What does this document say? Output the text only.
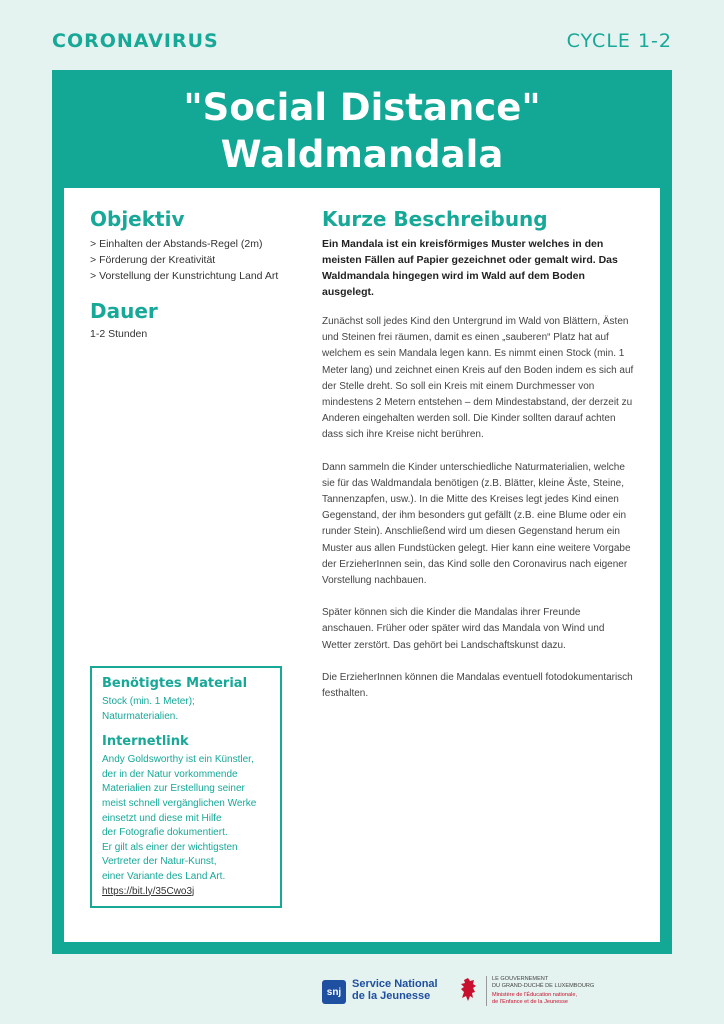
CORONAVIRUS	CYCLE 1-2
"Social Distance"
Waldmandala
Objektiv
> Einhalten der Abstands-Regel (2m)
> Förderung der Kreativität
> Vorstellung der Kunstrichtung Land Art
Dauer
1-2 Stunden
Kurze Beschreibung
Ein Mandala ist ein kreisförmiges Muster welches in den meisten Fällen auf Papier gezeichnet oder gemalt wird. Das Waldmandala hingegen wird im Wald auf dem Boden ausgelegt.
Zunächst soll jedes Kind den Untergrund im Wald von Blättern, Ästen und Steinen frei räumen, damit es einen „sauberen“ Platz hat auf welchem es sein Mandala legen kann. Es nimmt einen Stock (min. 1 Meter lang) und zeichnet einen Kreis auf den Boden indem es sich auf der Stelle dreht. So soll ein Kreis mit einem Durchmesser von mindestens 2 Metern entstehen – dem Mindestabstand, der derzeit zu Anderen eingehalten werden soll. Die Kinder sollten darauf achten dass sich ihre Kreise nicht berühren.
Dann sammeln die Kinder unterschiedliche Naturmaterialien, welche sie für das Waldmandala benötigen (z.B. Blätter, kleine Äste, Steine, Tannenzapfen, usw.). In die Mitte des Kreises legt jedes Kind einen Gegenstand, der ihm besonders gut gefällt (z.B. eine Blume oder ein runder Stein). Anschließend wird um diesen Gegenstand herum ein Muster aus allen Fundstücken gelegt. Hier kann eine weitere Vorgabe der ErzieherInnen sein, das Kind solle den Coronavirus nach eigener Vorstellung nachbauen.
Später können sich die Kinder die Mandalas ihrer Freunde anschauen. Früher oder später wird das Mandala von Wind und Wetter zerstört. Das gehört bei Landschaftskunst dazu.
Die ErzieherInnen können die Mandalas eventuell fotodokumentarisch festhalten.
Benötigtes Material

Stock (min. 1 Meter);
Naturmaterialien.

Internetlink

Andy Goldsworthy ist ein Künstler,
der in der Natur vorkommende
Materialien zur Erstellung seiner
meist schnell vergänglichen Werke
einsetzt und diese mit Hilfe
der Fotografie dokumentiert.
Er gilt als einer der wichtigsten
Vertreter der Natur-Kunst,
einer Variante des Land Art.
https://bit.ly/35Cwo3j

snj
Service National
de la Jeunesse
LE GOUVERNEMENT
DU GRAND-DUCHÉ DE LUXEMBOURG
Ministère de l'Éducation nationale,
de l'Enfance et de la Jeunesse
